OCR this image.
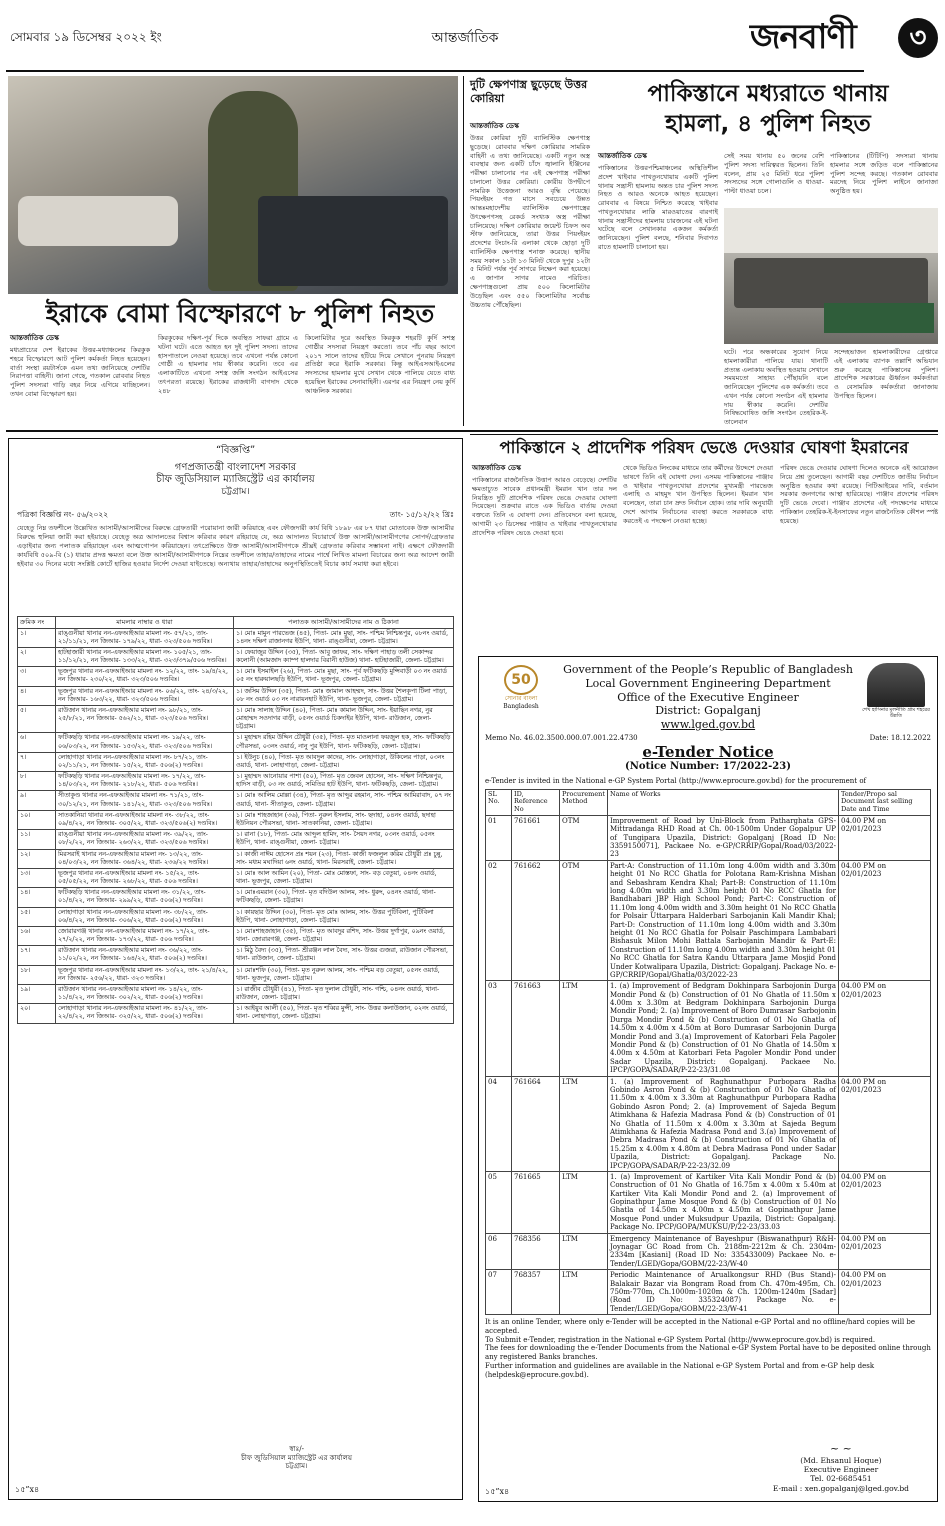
সোমবার ১৯ ডিসেম্বর ২০২২ ইং	আন্তর্জাতিক	জনবাণী	৩
ইরাকে বোমা বিস্ফোরণে ৮ পুলিশ নিহত
আন্তর্জাতিক ডেস্ক
মধ্যপ্রাচ্যের দেশ ইরাকের উত্তর-মধ্যাঞ্চলের কিরকুক শহরে বিস্ফোরণে আট পুলিশ কর্মকর্তা নিহত হয়েছেন। বার্তা সংস্থা রয়টার্সকে এমন তথ্য জানিয়েছে দেশটির নিরাপত্তা বাহিনী। জানা গেছে, গতকাল রোববার নিহত পুলিশ সদস্যরা গাড়ি বহর নিয়ে এগিয়ে যাচ্ছিলেন। তখন বোমা বিস্ফোরণ হয়।
কিরকুকের দক্ষিণ-পূর্ব দিকে অবস্থিত সাফরা গ্রামে এ ঘটনা ঘটে। এতে আহত হন দুই পুলিশ সদস্য। তাদের হাসপাতালে নেওয়া হয়েছে। তবে এখনো পর্যন্ত কোনো গোষ্ঠী এ হামলার দায় স্বীকার করেনি। তবে এর এলাকাটিতে এখনো সশস্ত্র জঙ্গি সংগঠন আইএসের তৎপরতা রয়েছে। ইরাকের রাজধানী বাগদাদ থেকে ২৪৮
কিলোমিটার দূরে অবস্থিত কিরকুক শহরটি কুর্দি সশস্ত্র গোষ্ঠীর সদস্যরা নিয়ন্ত্রণ করতো। তবে পাঁচ বছর আগে ২০১৭ সালে তাদের হটিয়ে দিয়ে সেখানে পুনরায় নিয়ন্ত্রণ প্রতিষ্ঠা করে ইরাকি সরকার। কিন্তু আইএসআইএলের সদস্যদের হামলার মুখে সেখান থেকে পালিয়ে যেতে বাধ্য হয়েছিল ইরাকের সেনাবাহিনী। এরপর এর নিয়ন্ত্রণ নেয় কুর্দি আঞ্চলিক সরকার।
দুটি ক্ষেপণাস্ত্র ছুড়েছে উত্তর কোরিয়া
আন্তর্জাতিক ডেস্ক
উত্তর কোরিয়া দুটি ব্যালিস্টিক ক্ষেপণাস্ত্র ছুড়েছে। রোববার দক্ষিণ কোরিয়ার সামরিক বাহিনী এ তথ্য জানিয়েছে। একটি নতুন অস্ত্র ব্যবস্থার জন্য একটি চাঁদে জ্বালানি ইঞ্জিনের পরীক্ষা চালানোর পর এই ক্ষেপণাস্ত্র পরীক্ষা চালালো উত্তর কোরিয়া। কোরীয় উপদ্বীপে সামরিক উত্তেজনা আরও বৃদ্ধি পেয়েছে। পিয়ংইয়ং গত মাসে সবচেয়ে উন্নত আন্তঃমহাদেশীয় ব্যালিস্টিক ক্ষেপণাস্ত্রের উৎক্ষেপণসহ রেকর্ড সংখ্যক অস্ত্র পরীক্ষা চালিয়েছে। দক্ষিণ কোরিয়ার জয়েন্ট চিফস অব স্টাফ জানিয়েছে, তারা উত্তর পিয়ংইয়ং প্রদেশের টংচাং-রি এলাকা থেকে ছোড়া দুটি ব্যালিস্টিক ক্ষেপণাস্ত্র শনাক্ত করেছে। স্থানীয় সময় সকাল ১১টা ১৩ মিনিট থেকে দুপুর ১২টা ৫ মিনিট পর্যন্ত পূর্ব সাগরে নিক্ষেপ করা হয়েছে। এ জাপান সাগর নামেও পরিচিত। ক্ষেপণাস্ত্রগুলো প্রায় ৫০০ কিলোমিটার উড়েছিল এবং ৫৫০ কিলোমিটার সর্বোচ্চ উচ্চতায় পৌঁছেছিল।
পাকিস্তানে মধ্যরাতে থানায়
হামলা, ৪ পুলিশ নিহত
আন্তর্জাতিক ডেস্ক
পাকিস্তানের উত্তরপশ্চিমাঞ্চলের অস্থিতিশীল প্রদেশ খাইবার পাখতুনখোয়ায় একটি পুলিশ থানায় সন্ত্রাসী হামলায় অন্তত চার পুলিশ সদস্য নিহত ও আরও অনেকে আহত হয়েছেন। রোববার এ বিষয়ে নিশ্চিত করেছে খাইবার পাখতুনখোয়ার লাক্কি মারওয়াতের বারগাই থানায় সন্ত্রাসীদের হামলায় চারজনের এই ঘটনা ঘটেছে বলে সেখানকার একজন কর্মকর্তা জানিয়েছেন। পুলিশ বলছে, শনিবার দিবাগত রাতে হামলাটি চালানো হয়।
সেই সময় থানায় ৫০ জনের বেশি পুলিশ সদস্য দায়িত্বরত ছিলেন। তিনি বলেন, প্রায় ২৫ মিনিট ধরে পুলিশ সদস্যদের সঙ্গে গোলাগুলি ও ধাওয়া-পাল্টা ধাওয়া চলে।
পাকিস্তানের (টিটিপি) সদস্যরা থানায় হামলার সঙ্গে জড়িত বলে পাকিস্তানের পুলিশ সন্দেহ করছে। গতকাল রোববার মরদেহ নিয়ে পুলিশ লাইনে জানাজা অনুষ্ঠিত হয়।
ঘটে। পরে অন্ধকারের সুযোগ নিয়ে হামলাকারীরা পালিয়ে যায়। থানাটি প্রত্যন্ত এলাকায় অবস্থিত হওয়ায় সেখানে সময়মতো সাহায্য পৌঁছায়নি বলে জানিয়েছেন পুলিশের এক কর্মকর্তা। তবে এখন পর্যন্ত কোনো সংগঠন এই হামলার দায় স্বীকার করেনি। দেশটির নিষিদ্ধঘোষিত জঙ্গি সংগঠন তেহরিক-ই-তালেবান
সন্দেহভাজন হামলাকারীদের গ্রেপ্তারে এই এলাকায় ব্যাপক তল্লাশি অভিযান শুরু করেছে পাকিস্তানের পুলিশ। প্রাদেশিক সরকারের ঊর্ধ্বতন কর্মকর্তারা ও বেসামরিক কর্মকর্তারা জানাজায় উপস্থিত ছিলেন।
“বিজ্ঞপ্তি”
গণপ্রজাতন্ত্রী বাংলাদেশ সরকার
চীফ জুডিসিয়াল ম্যাজিস্ট্রেট এর কার্যালয়
চট্টগ্রাম।
পত্রিকা বিজ্ঞপ্তি নং- ৫৬/২০২২	তাং- ১৫/১২/২২ খ্রিঃ
যেহেতু নিম্ন তফশীলে উল্লেখিত আসামী/আসামীদের বিরুদ্ধে গ্রেফতারী পরোয়ানা জারী করিয়াছে এবং ফৌজদারী কার্য বিধি ১৮৯৮ এর ৮৭ ধারা মোতাবেক উক্ত আসামীর বিরুদ্ধে হুলিয়া জারী করা হইয়াছে। যেহেতু অত্র আদালতের বিশ্বাস করিবার কারণ রহিয়াছে যে, অত্র আদালত বিচারার্থে উক্ত আসামী/আসামীগণের সোপর্দ/গ্রেফতার এড়াইবার জন্য পলাতক রহিয়াছেন এবং আত্মগোপন করিয়াছেন। তৎপ্রেক্ষিতে উক্ত আসামী/আসামীগণকে শ্রীঘ্রই গ্রেফতার করিবার সম্ভাবনা নাই। এক্ষণে ফৌজদারী কার্যবিধি ৫০৯-বি (১) ধারায় প্রদত্ত ক্ষমতা বলে উক্ত আসামী/আসামীগণকে নিম্নের তফশীলে তাহার/তাহাদের নামের পার্শ্বে লিখিত মামলা বিচারের জন্য অত্র আদেশ জারী হইবার ৩০ দিনের মধ্যে সংশ্লিষ্ট কোর্টে হাজির হওয়ার নির্দেশ দেওয়া যাইতেছে। অন্যথায় তাহার/তাহাদের অনুপস্থিতিতেই বিচার কার্য সমাধা করা হইবে।
ক্রমিক নং	মামলার নাম্বার ও ধারা	পলাতক আসামী/আসামীদের নাম ও ঠিকানা
১।	রাঙ্গুনীয়া থানার নন-এফআইআর মামলা নং- ৫৭/২১, তাং- ২১/১১/২১, নন জিআর- ১৭৯/২২, ধারা- ৩২৩/৫০৬ দণ্ডবিঃ।	১। মোঃ মামুন পারভেজ (৪৫), পিতা- মোঃ মুছা, সাং- পশ্চিম নিশ্চিন্তপুর, ০৮নং ওয়ার্ড, ১৪নং দক্ষিণ রাজানগর ইউপি, থানা- রাঙ্গুনীয়া, জেলা- চট্টগ্রাম।
২।	হাটহাজারী থানার নন-এফআইআর মামলা নং- ১০৫/২১, তাং- ১১/১২/২১, নন জিআর- ১৩৩/২২, ধারা- ৩২৩/৩৭৯/৫০৬ দণ্ডবিঃ।	১। ফেয়াজুর উদ্দিন (৩৫), পিতা- আবু জাফর, সাং- দক্ষিণ পাহাড় তলী সেকান্দর কলোনী (আমজাদ ক্যাম্প হালদার বিরানী হাউজ) থানা- হাটহাজারী, জেলা- চট্টগ্রাম।
৩।	ভূজপুর থানার নন-এফআইআর মামলা নং- ১২/২২, তাং- ১৯/৪/২২, নন জিআর- ২৩০/২২, ধারা- ৩২৩/৫০৬ দণ্ডবিঃ।	১। মোঃ ইসমাইল (২৬), পিতা- মোঃ মুছা, সাং- পূর্ব ফটিকছড়ি মুন্সিবাড়ী ০৩ নং ওয়ার্ড ০৫ নং হারুয়ালছড়ি ইউপি, থানা- ভূজপুর, জেলা- চট্টগ্রাম।
৪।	ভূজপুর থানার নন-এফআইআর মামলা নং- ০৬/২২, তাং- ২৪/৩/২২, নন জিআর- ১৬৩/২২, ধারা- ৩২৩/৫০৬ দণ্ডবিঃ।	১। জসিম উদ্দিন (৩৫), পিতা- মোঃ জামাল আহম্মদ, সাং- উত্তর শৈলকূপা টিলা পাড়া, ০৮ নং ওয়ার্ড ০৩ নং নারায়নহাট ইউপি, থানা- ভূজপুর, জেলা- চট্টগ্রাম।
৫।	রাউজান থানার নন-এফআইআর মামলা নং- ৯৮/২১, তাং- ২৫/৮/২১, নন জিআর- ৫৬২/২১, ধারা- ৩২৩/৫০৬ দণ্ডবিঃ।	১। মোঃ সালাহ উদ্দিন (৪০), পিতা- মোঃ কামাল উদ্দিন, সাং- ইয়াছিন নগর, নুর মোহাম্মদ সওদাগর বাড়ী, ০৫নং ওয়ার্ড চিকদাইর ইউপি, থানা- রাউজান, জেলা- চট্টগ্রাম।
৬।	ফটিকছড়ি থানার নন-এফআইআর মামলা নং- ১৯/২২, তাং- ০৬/০৩/২২, নন জিআর- ১৫৩/২২, ধারা- ৩২৩/৫০৬ দণ্ডবিঃ।	১। মুহাম্মদ রহিম উদ্দিন চৌধুরী (৩৫), পিতা- মৃত মাওলানা ফয়জুল হক, সাং- ফটিকছড়ি পৌরসভা, ০৩নং ওয়ার্ড, নানু পুর ইউপি, থানা- ফটিকছড়ি, জেলা- চট্টগ্রাম।
৭।	লোহাগাড়া থানার নন-এফআইআর মামলা নং- ৮৭/২১, তাং- ০২/১১/২১, নন জিআর- ১৫/২২, ধারা- ৫০৬(২) দণ্ডবিঃ।	১। ইউনুচ (৪০), পিতা- মৃত আবদুল কাদের, সাং- লোহাগাড়া, উকিলের পাড়া, ০৩নং ওয়ার্ড, থানা- লোহাগাড়া, জেলা- চট্টগ্রাম।
৮।	ফটিকছড়ি থানার নন-এফআইআর মামলা নং- ১৭/২২, তাং- ১৪/০৩/২২, নন জিআর- ২১৮/২২, ধারা- ৫০৬ দণ্ডবিঃ।	১। মুহাম্মদ আনোয়ার পাশা (৫০), পিতা- মৃত জেবল হোসেন, সাং- দক্ষিণ নিশ্চিন্তপুর, হাদিস বাড়ী, ০৩ নং ওয়ার্ড, সমিতির হাট ইউপি, থানা- ফটিকছড়ি, জেলা- চট্টগ্রাম।
৯।	সীতাকুণ্ড থানার নন-এফআইআর মামলা নং- ৭১/২১, তাং- ৩০/১২/২১, নন জিআর- ১৪১/২২, ধারা- ৩২৩/৫০৬ দণ্ডবিঃ।	১। মোঃ আলিম মোল্লা (৩৪), পিতা- মৃত আব্দুর রহমান, সাং- পশ্চিম আমিরাবাদ, ০৭ নং ওয়ার্ড, থানা- সীতাকুণ্ড, জেলা- চট্টগ্রাম।
১০।	সাতকানিয়া থানার নন-এফআইআর মামলা নং- ৩৮/২২, তাং- ০৯/৪/২২, নন জিআর- ৩০৫/২২, ধারা- ৩২৩/৫০৬(২) দণ্ডবিঃ।	১। মোঃ শাহজাহান (৩৬), পিতা- নুরুল ইসলাম, সাং- ছদাহা, ০৪নং ওয়ার্ড, ছদাহা ইউনিয়ন পৌরসভা, থানা- সাতকানিয়া, জেলা- চট্টগ্রাম।
১১।	রাঙ্গুনীয়া থানার নন-এফআইআর মামলা নং- ৩৯/২২, তাং- ০৮/২/২২, নন জিআর- ২৬৩/২২, ধারা- ৩২৩/৫০৬ দণ্ডবিঃ।	১। রানা (১৮), পিতা- মোঃ আব্দুল হামিদ, সাং- সৈয়দ নগর, ০৩নং ওয়ার্ড, ০৫নং ইউপি, থানা- রাঙ্গুনীয়া, জেলা- চট্টগ্রাম।
১২।	মিরসরাই থানার নন-এফআইআর মামলা নং- ১৩/২২, তাং- ০৪/০৩/২২, নন জিআর- ৩৬৪/২২, ধারা- ২৩৬/২২ দণ্ডবিঃ।	১। কাজী নাঈম হোসেন প্রঃ শয়ন (২৩), পিতা- কাজী ফজলুল করিম চৌধুরী প্রঃ চুন্নু, সাং- মধ্যম মঘাদিয়া ৬নং ওয়ার্ড, থানা- মিরসরাই, জেলা- চট্টগ্রাম।
১৩।	ভূজপুর থানার নন-এফআইআর মামলা নং- ১৫/২২, তাং- ০৫/০৫/২২, নন জিআর- ২৬৮/২২, ধারা- ৫০৬ দণ্ডবিঃ।	১। মোঃ আল আমিন (২০), পিতা- মোঃ মোস্তফা, সাং- বড় বেতুয়া, ০৪নং ওয়ার্ড, থানা- ভূজপুর, জেলা- চট্টগ্রাম।
১৪।	ফটিকছড়ি থানার নন-এফআইআর মামলা নং- ৩১/২২, তাং- ০১/৪/২২, নন জিআর- ২৯৯/২২, ধারা- ৫০৬(২) দণ্ডবিঃ।	১। মোঃএমরান (৩০), পিতা- মৃত বদিউল আলম, সাং- ধুরুং, ০৪নং ওয়ার্ড, থানা- ফটিকছড়ি, জেলা- চট্টগ্রাম।
১৫।	লোহাগাড়া থানার নন-এফআইআর মামলা নং- ৩৮/২২, তাং- ০৬/৪/২২, নন জিআর- ৩০৬/২২, ধারা- ৫০৬(২) দণ্ডবিঃ।	১। কায়ছার উদ্দিন (৩০), পিতা- মৃত মোঃ আলম, সাং- উত্তর পুটিবিলা, পুটিবিলা ইউপি, থানা- লোহাগাড়া, জেলা- চট্টগ্রাম।
১৬।	জোরারগঞ্জ থানার নন-এফআইআর মামলা নং- ১৭/২২, তাং- ২৭/২/২২, নন জিআর- ১৭৩/২২, ধারা- ৫০৬ দণ্ডবিঃ।	১। মোঃশাহজাহান (৩৫), পিতা- মৃত আবদুর রশিদ, সাং- উত্তর দুর্গাপুর, ০৯নং ওয়ার্ড, থানা- জোরারগঞ্জ, জেলা- চট্টগ্রাম।
১৭।	রাউজান থানার নন-এফআইআর মামলা নং- ৩৬/২২, তাং- ১১/০২/২২, নন জিআর- ১৬৪/২২, ধারা- ৫০৬(২) দণ্ডবিঃ।	১। মিঠু বৈদ্য (৩৫), পিতা- শ্রীরঞ্জন লাল বৈদ্য, সাং- উত্তর গুজরা, রাউজান পৌরসভা, থানা- রাউজান, জেলা- চট্টগ্রাম।
১৮।	ভূজপুর থানার নন-এফআইআর মামলা নং- ১৩/২২, তাং- ২১/৪/২২, নন জিআর- ২৫৬/২২, ধারা- ৩২৩ দণ্ডবিঃ।	১। মোঃশফি (৩০), পিতা- মৃত নুরুল আলম, সাং- পশ্চিম বড় বেতুয়া, ০৫নং ওয়ার্ড, থানা- ভূজপুর, জেলা- চট্টগ্রাম।
১৯।	রাউজান থানার নন-এফআইআর মামলা নং- ১৪/২২, তাং- ১১/৪/২২, নন জিআর- ৩০২/২২, ধারা- ৫০৬(২) দণ্ডবিঃ।	১। রাজীব চৌধুরী (৪১), পিতা- মৃত দুলাল চৌধুরী, সাং- গশ্চি, ০৪নং ওয়ার্ড, থানা- রাউজান, জেলা- চট্টগ্রাম।
২০।	লোহাগাড়া থানার নন-এফআইআর মামলা নং- ৪১/২২, তাং- ২২/৪/২২, নন জিআর- ৩২৫/২২, ধারা- ৫০৬(২) দণ্ডবিঃ।	১। আইয়ুব আলী (৫০), পিতা- মৃত শব্বির মুন্সী, সাং- উত্তর কলাউজান, ০২নং ওয়ার্ড, থানা- লোহাগাড়া, জেলা- চট্টগ্রাম।
স্বাঃ/-
চীফ জুডিসিয়াল ম্যাজিস্ট্রেট এর কার্যালয়
চট্টগ্রাম।
১৫”x৪
পাকিস্তানে ২ প্রাদেশিক পরিষদ ভেঙে দেওয়ার ঘোষণা ইমরানের
আন্তর্জাতিক ডেস্ক
পাকিস্তানের রাজনৈতিক উত্তাপ আরও বেড়েছে। দেশটির ক্ষমতাচ্যুত সাবেক প্রধানমন্ত্রী ইমরান খান তার দল নিয়ন্ত্রিত দুটি প্রাদেশিক পরিষদ ভেঙে দেওয়ার ঘোষণা দিয়েছেন। শুক্রবার রাতে এক ভিডিও বার্তায় দেওয়া বক্তব্যে তিনি এ ঘোষণা দেন। প্রতিবেদনে বলা হয়েছে, আগামী ২৩ ডিসেম্বর পাঞ্জাব ও খাইবার পাখতুনখোয়ার প্রাদেশিক পরিষদ ভেঙে দেওয়া হবে।
থেকে ভিডিও লিংকের মাধ্যমে তার কর্মীদের উদ্দেশে দেওয়া ভাষণে তিনি এই ঘোষণা দেন। এসময় পাকিস্তানের পাঞ্জাব ও খাইবার পাখতুনখোয়া প্রদেশের মুখ্যমন্ত্রী পারভেজ এলাহি ও মাহমুদ খান উপস্থিত ছিলেন। ইমরান খান বলেছেন, তারা চান দ্রুত নির্বাচন হোক। তার দাবি অনুযায়ী দেশে আগাম নির্বাচনের ব্যবস্থা করতে সরকারকে বাধ্য করতেই এ পদক্ষেপ নেওয়া হচ্ছে।
পরিষদ ভেঙে দেওয়ার ঘোষণা দিলেও অনেকে এই আয়োজন নিয়ে প্রশ্ন তুলেছেন। আগামী বছর দেশটিতে জাতীয় নির্বাচন অনুষ্ঠিত হওয়ার কথা রয়েছে। পিটিআইয়ের দাবি, বর্তমান সরকার জনগণের আস্থা হারিয়েছে। পাঞ্জাব প্রদেশের পরিষদ দুটি ভেঙে দেবো। পাঞ্জাব প্রদেশের এই পদক্ষেপের মাধ্যমে পাকিস্তান তেহরিক-ই-ইনসাফের নতুন রাজনৈতিক কৌশল স্পষ্ট হয়েছে।
50
সোনার বাংলা
Bangladesh
শেখ হাসিনার মূলনীতি গ্রাম শহরের উন্নতি
Government of the People’s Republic of Bangladesh
Local Government Engineering Department
Office of the Executive Engineer
District: Gopalganj
www.lged.gov.bd
Memo No. 46.02.3500.000.07.001.22.4730	Date: 18.12.2022
e-Tender Notice
(Notice Number: 17/2022-23)
e-Tender is invited in the National e-GP System Portal (http://www.eprocure.gov.bd) for the procurement of
SL No.	ID, Reference No	Procurement Method	Name of Works	Tender/Propo sal Document last selling Date and Time
01	761661	OTM	Improvement of Road by Uni-Block from Patharghata GPS-Mittradanga RHD Road at Ch. 00-1500m Under Gopalpur UP of Tungipara Upazila, District: Gopalganj [Road ID No: 3359150071], Packaee No. e-GP/CRRIP/Gopal/Road/03/2022-23	04.00 PM on 02/01/2023
02	761662	OTM	Part-A: Construction of 11.10m long 4.00m width and 3.30m height 01 No RCC Ghatla for Polotana Ram-Krishna Mishan and Sebashram Kendra Khal; Part-B: Construction of 11.10m long 4.00m width and 3.30m height 01 No RCC Ghatla for Bandhabari JBP High School Pond; Part-C: Construction of 11.10m long 4.00m width and 3.30m height 01 No RCC Ghatla for Polsair Uttarpara Halderbari Sarbojanin Kali Mandir Khal; Part-D: Construction of 11.10m long 4.00m width and 3.30m height 01 No RCC Ghatla for Polsair Paschimpara Lambabari Bishasuk Milon Mohi Battala Sarbojanin Mandir & Part-E: Construction of 11.10m long 4.00m width and 3.30m height 01 No RCC Ghatla for Satra Kandu Uttarpara Jame Mosjid Pond Under Kotwalipara Upazila, District: Gopalganj. Package No. e-GP/CRRIP/Gopal/Ghatla/03/2022-23	04.00 PM on 02/01/2023
03	761663	LTM	1. (a) Improvement of Bedgram Dokhinpara Sarbojonin Durga Mondir Pond & (b) Construction of 01 No Ghatla of 11.50m x 4.00m x 3.30m at Bedgram Dokhinpara Sarbojonin Durga Mondir Pond; 2. (a) Improvement of Boro Dumrasar Sarbojonin Durga Mondir Pond & (b) Construction of 01 No Ghatla of 14.50m x 4.00m x 4.50m at Boro Dumrasar Sarbojonin Durga Mondir Pond and 3.(a) Improvement of Katorbari Fela Pagoler Mondir Pond & (b) Construction of 01 No Ghatla of 14.50m x 4.00m x 4.50m at Katorbari Feta Pagoler Mondir Pond under Sadar Upazila, District: Gopalganj. Packaee No. IPCP/GOPA/SADAR/P-22-23/31.08	04.00 PM on 02/01/2023
04	761664	LTM	1. (a) Improvement of Raghunathpur Purbopara Radha Gobindo Asron Pond & (b) Construction of 01 No Ghatla of 11.50m x 4.00m x 3.30m at Raghunathpur Purbopara Radha Gobindo Asron Pond; 2. (a) Improvement of Sajeda Begum Atimkhana & Hafezia Madrasa Pond & (b) Construction of 01 No Ghatla of 11.50m x 4.00m x 3.30m at Sajeda Begum Atimkhana & Hafezia Madrasa Pond and 3.(a) Improvement of Debra Madrasa Pond & (b) Construction of 01 No Ghatla of 15.25m x 4.00m x 4.80m at Debra Madrasa Pond under Sadar Upazila, District: Gopalganj. Package No. IPCP/GOPA/SADAR/P-22-23/32.09	04.00 PM on 02/01/2023
05	761665	LTM	1. (a) Improvement of Kartiker Vita Kali Mondir Pond & (b) Construction of 01 No Ghatla of 16.75m x 4.00m x 5.40m at Kartiker Vita Kali Mondir Pond and 2. (a) Improvement of Gopinathpur Jame Mosque Pond & (b) Construction of 01 No Ghatla of 14.50m x 4.00m x 4.50m at Gopinathpur Jame Mosque Pond under Muksudpur Upazila, District: Gopalganj. Package No. IPCP/GOPA/MUKSU/P/22-23/33.03	04.00 PM on 02/01/2023
06	768356	LTM	Emergency Maintenance of Bayeshpur (Biswanathpur) R&H-Joynagar GC Road from Ch. 2188m-2212m & Ch. 2304m-2334m [Kasiani] (Road ID No: 335433009) Packaee No. e-Tender/LGED/Gopa/GOBM/22-23/W-40	04.00 PM on 02/01/2023
07	768357	LTM	Periodic Maintenance of Arualkongsur RHD (Bus Stand)-Balakair Bazar via Bongram Road from Ch. 470m-495m, Ch. 750m-770m, Ch.1000m-1020m & Ch. 1200m-1240m [Sadar] (Road ID No: 335324087) Package No. e-Tender/LGED/Gopa/GOBM/22-23/W-41	04.00 PM on 02/01/2023
It is an online Tender, where only e-Tender will be accepted in the National e-GP Portal and no offline/hard copies will be accepted.
To Submit e-Tender, registration in the National e-GP System Portal (http://www.eprocure.gov.bd) is required.
The fees for downloading the e-Tender Documents from the National e-GP System Portal have to be deposited online through any registered Banks branches.
Further information and guidelines are available in the National e-GP System Portal and from e-GP help desk (helpdesk@eprocure.gov.bd).
~ ~
(Md. Ehsanul Hoque)
Executive Engineer
Tel. 02-6685451
E-mail : xen.gopalganj@lged.gov.bd
১৫”x৪
